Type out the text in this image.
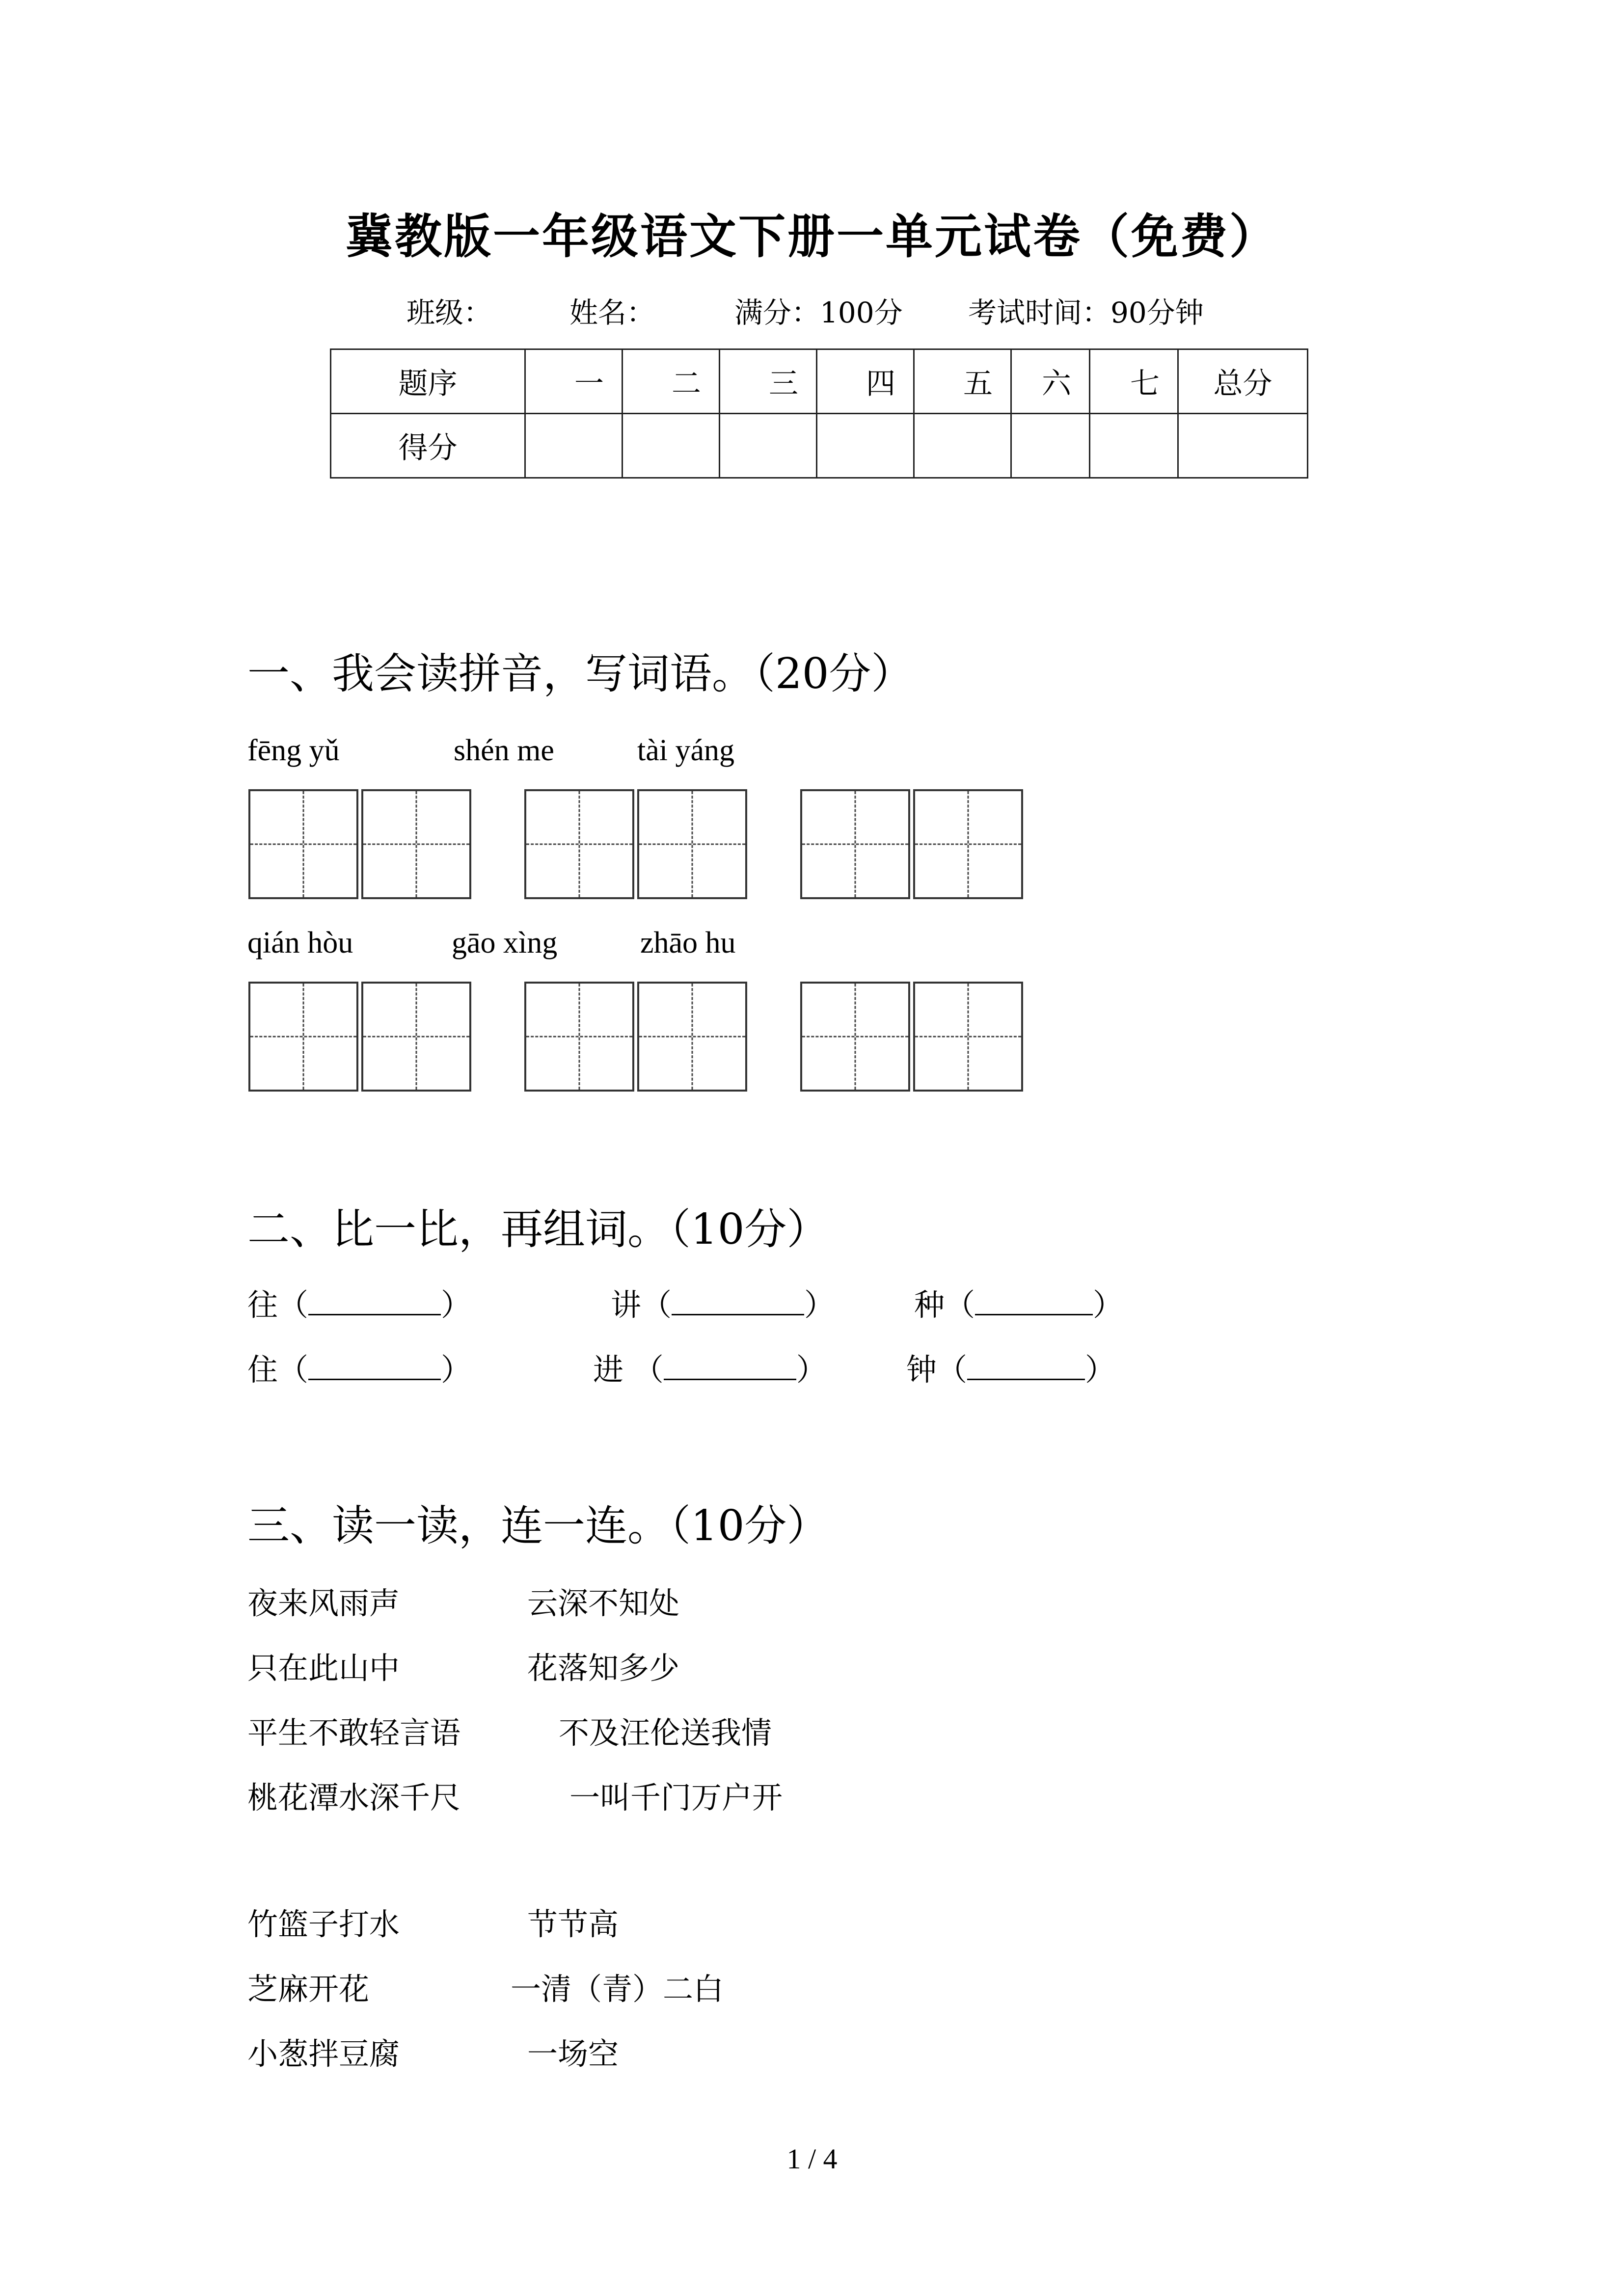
冀教版一年级语文下册一单元试卷（免费）
班级：	姓名：	满分：100分 考试时间：90分钟
题序	一	二	三	四	五	六	七	总分
得分								
一、我会读拼音，写词语。（20分）
fēng yǔ	shén me	tài yáng
qián hòu	gāo xìng	zhāo hu
二、比一比，再组词。（10分）
往（	）	讲（	）	种（	）
住（	）	进 （	）	钟（	）
三、读一读，连一连。（10分）
夜来风雨声	云深不知处
只在此山中	花落知多少
平生不敢轻言语	不及汪伦送我情
桃花潭水深千尺	一叫千门万户开
竹篮子打水	节节高
芝麻开花	一清（青）二白
小葱拌豆腐	一场空
1 / 4
